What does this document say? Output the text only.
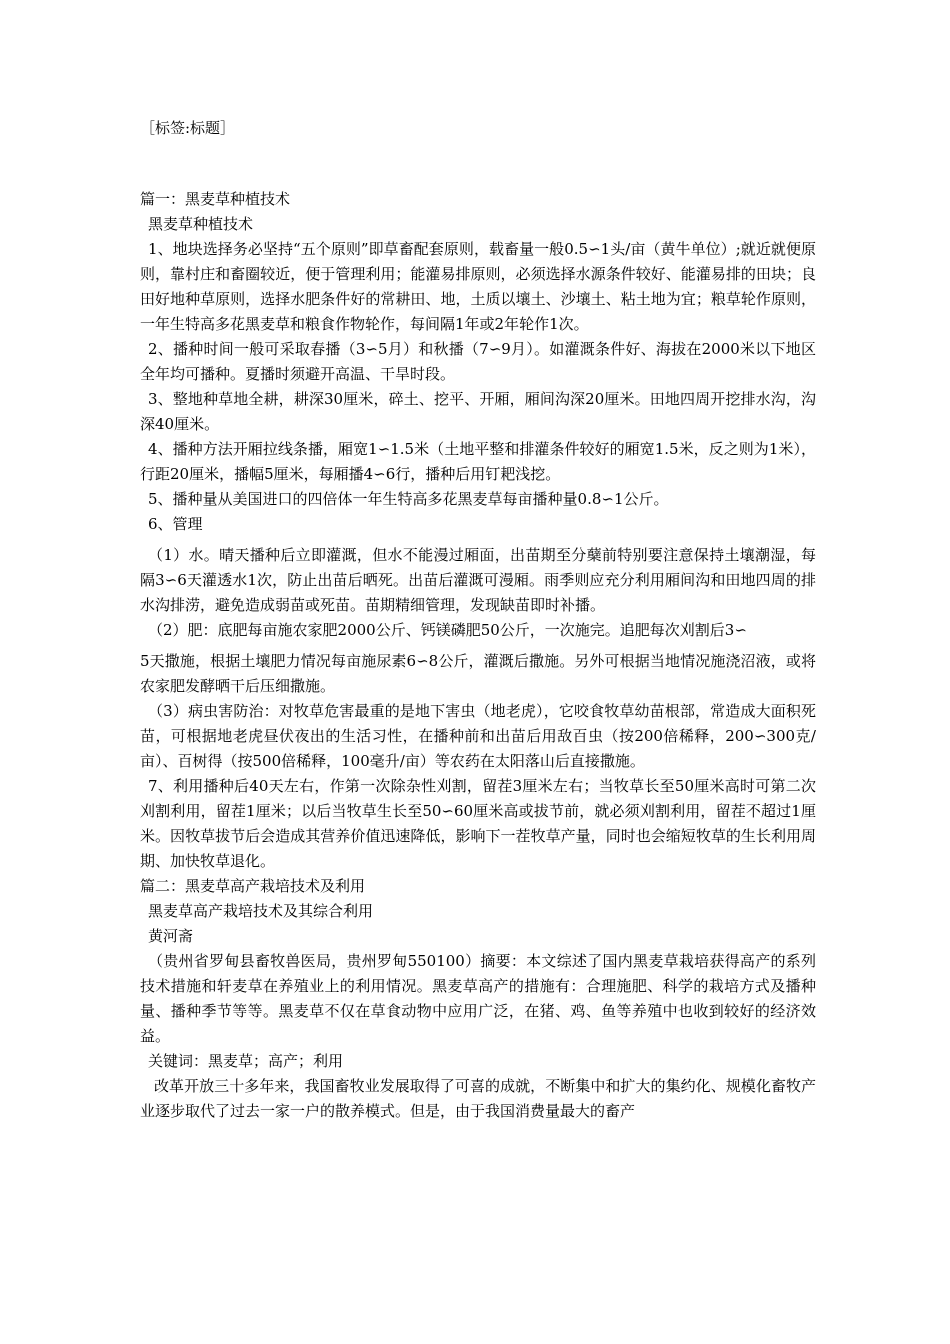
［标签:标题］

篇一：黑麦草种植技术

黑麦草种植技术

1、地块选择务必坚持“五个原则”即草畜配套原则，载畜量一般0.5∽1头/亩（黄牛单位）;就近就便原则，靠村庄和畜圈较近，便于管理利用；能灌易排原则，必须选择水源条件较好、能灌易排的田块；良田好地种草原则，选择水肥条件好的常耕田、地，土质以壤土、沙壤土、粘土地为宜；粮草轮作原则，一年生特高多花黑麦草和粮食作物轮作，每间隔1年或2年轮作1次。

2、播种时间一般可采取春播（3∽5月）和秋播（7∽9月）。如灌溉条件好、海拔在2000米以下地区全年均可播种。夏播时须避开高温、干旱时段。

3、整地种草地全耕，耕深30厘米，碎土、挖平、开厢，厢间沟深20厘米。田地四周开挖排水沟，沟深40厘米。

4、播种方法开厢拉线条播，厢宽1∽1.5米（土地平整和排灌条件较好的厢宽1.5米，反之则为1米），行距20厘米，播幅5厘米，每厢播4∽6行，播种后用钉耙浅挖。

5、播种量从美国进口的四倍体一年生特高多花黑麦草每亩播种量0.8∽1公斤。

6、管理

（1）水。晴天播种后立即灌溉，但水不能漫过厢面，出苗期至分蘖前特别要注意保持土壤潮湿，每隔3∽6天灌透水1次，防止出苗后晒死。出苗后灌溉可漫厢。雨季则应充分利用厢间沟和田地四周的排水沟排涝，避免造成弱苗或死苗。苗期精细管理，发现缺苗即时补播。

（2）肥：底肥每亩施农家肥2000公斤、钙镁磷肥50公斤，一次施完。追肥每次刈割后3∽

5天撒施，根据土壤肥力情况每亩施尿素6∽8公斤，灌溉后撒施。另外可根据当地情况施浇沼液，或将农家肥发酵晒干后压细撒施。

（3）病虫害防治：对牧草危害最重的是地下害虫（地老虎），它咬食牧草幼苗根部，常造成大面积死苗，可根据地老虎昼伏夜出的生活习性，在播种前和出苗后用敌百虫（按200倍稀释，200∽300克/亩）、百树得（按500倍稀释，100毫升/亩）等农药在太阳落山后直接撒施。

7、利用播种后40天左右，作第一次除杂性刈割，留茬3厘米左右；当牧草长至50厘米高时可第二次刈割利用，留茬1厘米；以后当牧草生长至50∽60厘米高或拔节前，就必须刈割利用，留茬不超过1厘米。因牧草拔节后会造成其营养价值迅速降低，影响下一茬牧草产量，同时也会缩短牧草的生长利用周期、加快牧草退化。

篇二：黑麦草高产栽培技术及利用

黑麦草高产栽培技术及其综合利用

黄河斋

（贵州省罗甸县畜牧兽医局，贵州罗甸550100）摘要：本文综述了国内黑麦草栽培获得高产的系列技术措施和轩麦草在养殖业上的利用情况。黑麦草高产的措施有：合理施肥、科学的栽培方式及播种量、播种季节等等。黑麦草不仅在草食动物中应用广泛，在猪、鸡、鱼等养殖中也收到较好的经济效益。

关键词：黑麦草；高产；利用

改革开放三十多年来，我国畜牧业发展取得了可喜的成就，不断集中和扩大的集约化、规模化畜牧产业逐步取代了过去一家一户的散养模式。但是，由于我国消费量最大的畜产
